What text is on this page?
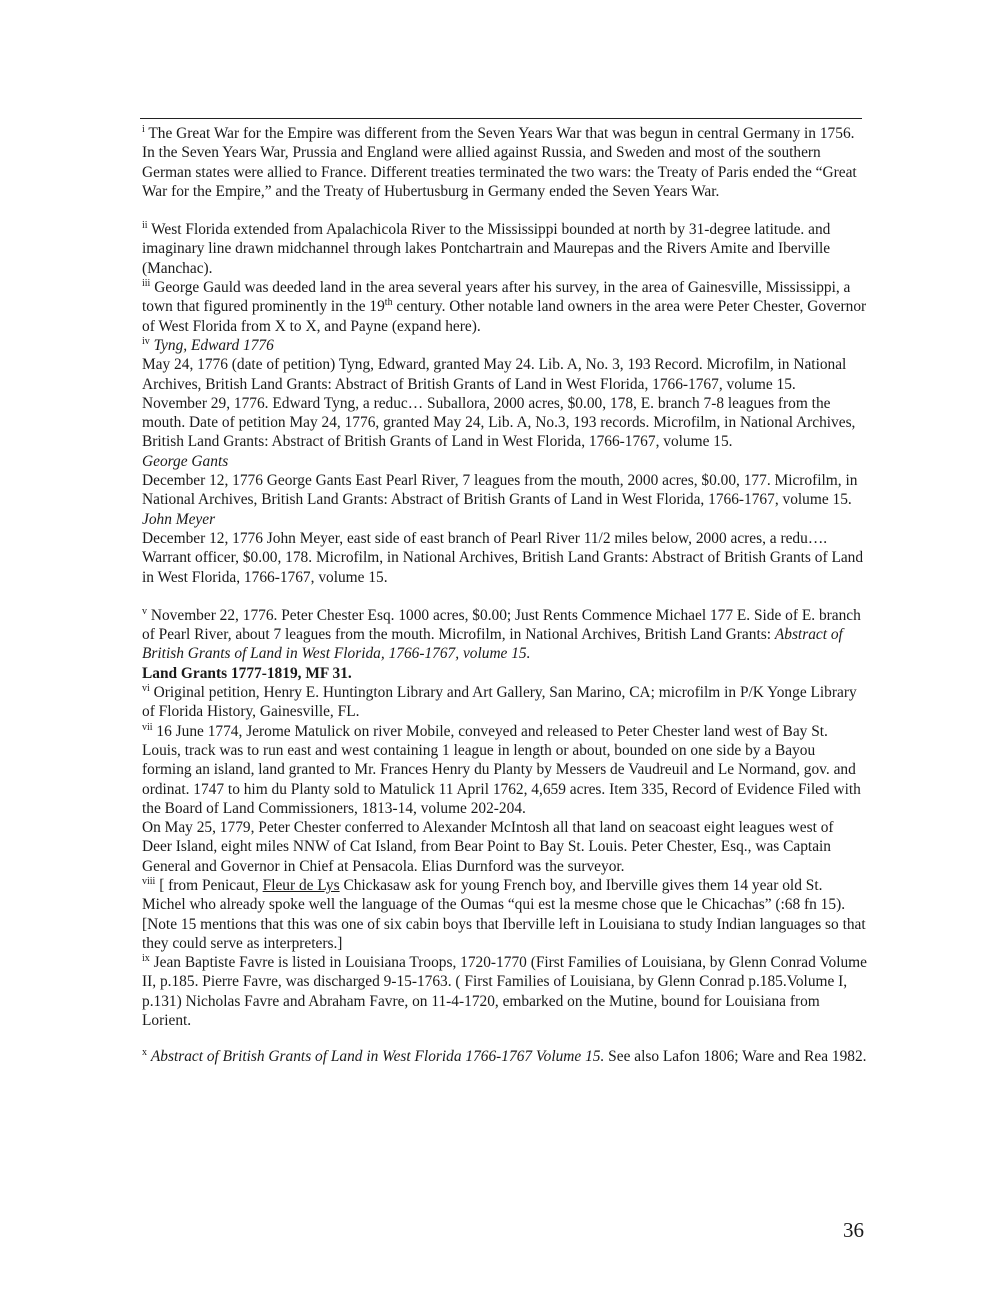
$^i$ The Great War for the Empire was different from the Seven Years War that was begun in central Germany in 1756. In the Seven Years War, Prussia and England were allied against Russia, and Sweden and most of the southern German states were allied to France. Different treaties terminated the two wars: the Treaty of Paris ended the “Great War for the Empire,” and the Treaty of Hubertusburg in Germany ended the Seven Years War.

$^{ii}$ West Florida extended from Apalachicola River to the Mississippi bounded at north by 31-degree latitude. and imaginary line drawn midchannel through lakes Pontchartrain and Maurepas and the Rivers Amite and Iberville (Manchac).

$^{iii}$ George Gauld was deeded land in the area several years after his survey, in the area of Gainesville, Mississippi, a town that figured prominently in the 19th century. Other notable land owners in the area were Peter Chester, Governor of West Florida from X to X, and Payne (expand here).

$^{iv}$ Tyng, Edward 1776

May 24, 1776 (date of petition) Tyng, Edward, granted May 24. Lib. A, No. 3, 193 Record. Microfilm, in National Archives, British Land Grants: Abstract of British Grants of Land in West Florida, 1766-1767, volume 15.

November 29, 1776. Edward Tyng, a reduc… Suballora, 2000 acres, $0.00, 178, E. branch 7-8 leagues from the mouth. Date of petition May 24, 1776, granted May 24, Lib. A, No.3, 193 records. Microfilm, in National Archives, British Land Grants: Abstract of British Grants of Land in West Florida, 1766-1767, volume 15.

George Gants

December 12, 1776 George Gants East Pearl River, 7 leagues from the mouth, 2000 acres, $0.00, 177. Microfilm, in National Archives, British Land Grants: Abstract of British Grants of Land in West Florida, 1766-1767, volume 15.

John Meyer

December 12, 1776 John Meyer, east side of east branch of Pearl River 11/2 miles below, 2000 acres, a redu…. Warrant officer, $0.00, 178. Microfilm, in National Archives, British Land Grants: Abstract of British Grants of Land in West Florida, 1766-1767, volume 15.

$^v$ November 22, 1776. Peter Chester Esq. 1000 acres, $0.00; Just Rents Commence Michael 177 E. Side of E. branch of Pearl River, about 7 leagues from the mouth. Microfilm, in National Archives, British Land Grants: Abstract of British Grants of Land in West Florida, 1766-1767, volume 15.

Land Grants 1777-1819, MF 31.

$^{vi}$ Original petition, Henry E. Huntington Library and Art Gallery, San Marino, CA; microfilm in P/K Yonge Library of Florida History, Gainesville, FL.

$^{vii}$ 16 June 1774, Jerome Matulick on river Mobile, conveyed and released to Peter Chester land west of Bay St. Louis, track was to run east and west containing 1 league in length or about, bounded on one side by a Bayou forming an island, land granted to Mr. Frances Henry du Planty by Messers de Vaudreuil and Le Normand, gov. and ordinat. 1747 to him du Planty sold to Matulick 11 April 1762, 4,659 acres. Item 335, Record of Evidence Filed with the Board of Land Commissioners, 1813-14, volume 202-204.

On May 25, 1779, Peter Chester conferred to Alexander McIntosh all that land on seacoast eight leagues west of Deer Island, eight miles NNW of Cat Island, from Bear Point to Bay St. Louis. Peter Chester, Esq., was Captain General and Governor in Chief at Pensacola. Elias Durnford was the surveyor.

$^{viii}$ [ from Penicaut, Fleur de Lys Chickasaw ask for young French boy, and Iberville gives them 14 year old St. Michel who already spoke well the language of the Oumas “qui est la mesme chose que le Chicachas” (:68 fn 15). [Note 15 mentions that this was one of six cabin boys that Iberville left in Louisiana to study Indian languages so that they could serve as interpreters.]

$^{ix}$ Jean Baptiste Favre is listed in Louisiana Troops, 1720-1770 (First Families of Louisiana, by Glenn Conrad Volume II, p.185. Pierre Favre, was discharged 9-15-1763. ( First Families of Louisiana, by Glenn Conrad p.185.Volume I, p.131) Nicholas Favre and Abraham Favre, on 11-4-1720, embarked on the Mutine, bound for Louisiana from Lorient.

$^x$ Abstract of British Grants of Land in West Florida 1766-1767 Volume 15. See also Lafon 1806; Ware and Rea 1982.

36
